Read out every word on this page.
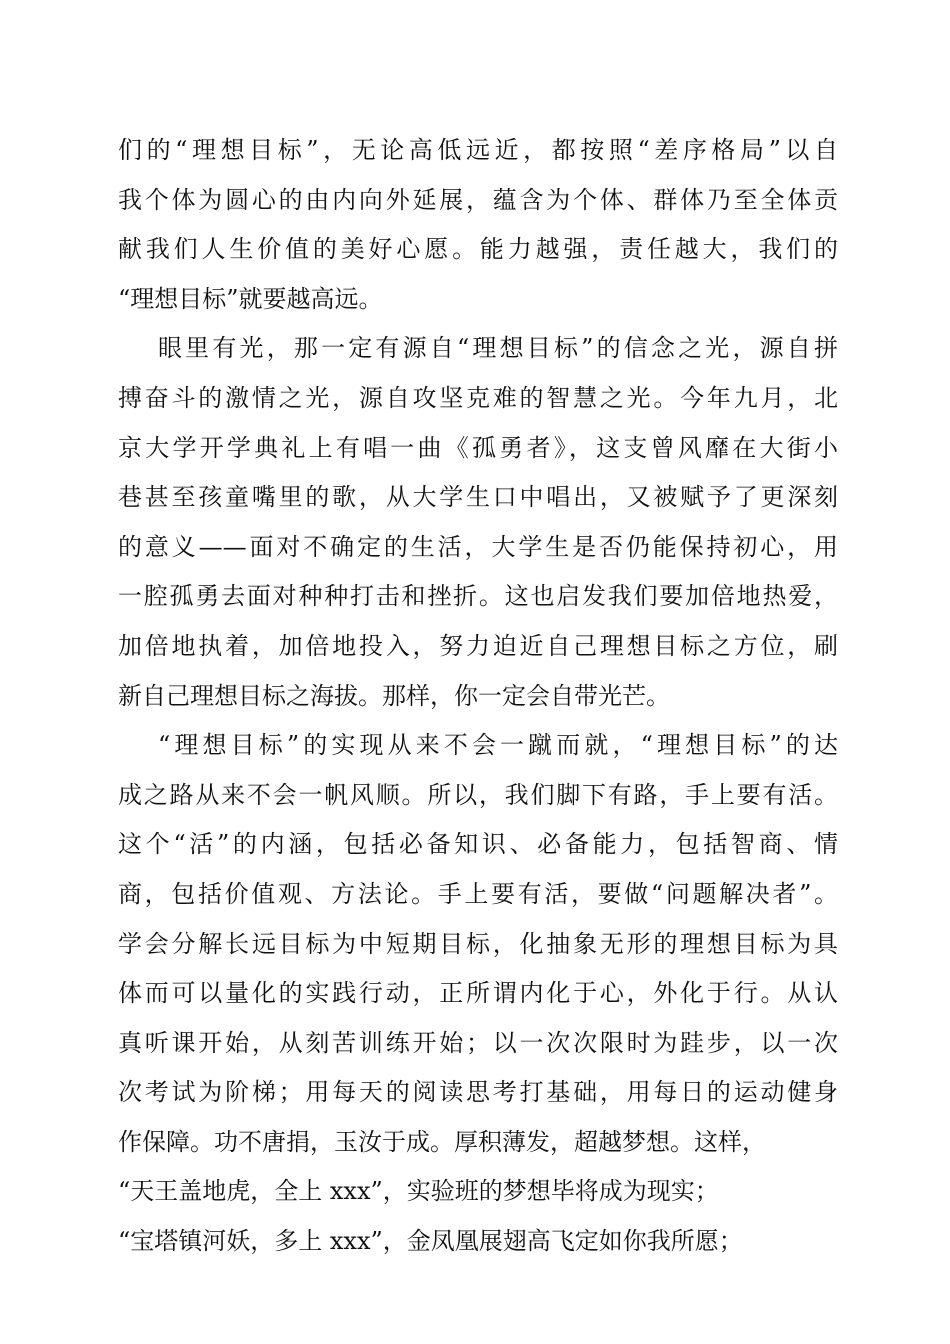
们的“理想目标”，无论高低远近，都按照“差序格局”以自
我个体为圆心的由内向外延展，蕴含为个体、群体乃至全体贡
献我们人生价值的美好心愿。能力越强，责任越大，我们的
“理想目标”就要越高远。
眼里有光，那一定有源自“理想目标”的信念之光，源自拼
搏奋斗的激情之光，源自攻坚克难的智慧之光。今年九月，北
京大学开学典礼上有唱一曲《孤勇者》，这支曾风靡在大街小
巷甚至孩童嘴里的歌，从大学生口中唱出，又被赋予了更深刻
的意义——面对不确定的生活，大学生是否仍能保持初心，用
一腔孤勇去面对种种打击和挫折。这也启发我们要加倍地热爱，
加倍地执着，加倍地投入，努力迫近自己理想目标之方位，刷
新自己理想目标之海拔。那样，你一定会自带光芒。
“理想目标”的实现从来不会一蹴而就，“理想目标”的达
成之路从来不会一帆风顺。所以，我们脚下有路，手上要有活。
这个“活”的内涵，包括必备知识、必备能力，包括智商、情
商，包括价值观、方法论。手上要有活，要做“问题解决者”。
学会分解长远目标为中短期目标，化抽象无形的理想目标为具
体而可以量化的实践行动，正所谓内化于心，外化于行。从认
真听课开始，从刻苦训练开始；以一次次限时为跬步，以一次
次考试为阶梯；用每天的阅读思考打基础，用每日的运动健身
作保障。功不唐捐，玉汝于成。厚积薄发，超越梦想。这样，
“天王盖地虎，全上 xxx”，实验班的梦想毕将成为现实；
“宝塔镇河妖，多上 xxx”，金凤凰展翅高飞定如你我所愿；
